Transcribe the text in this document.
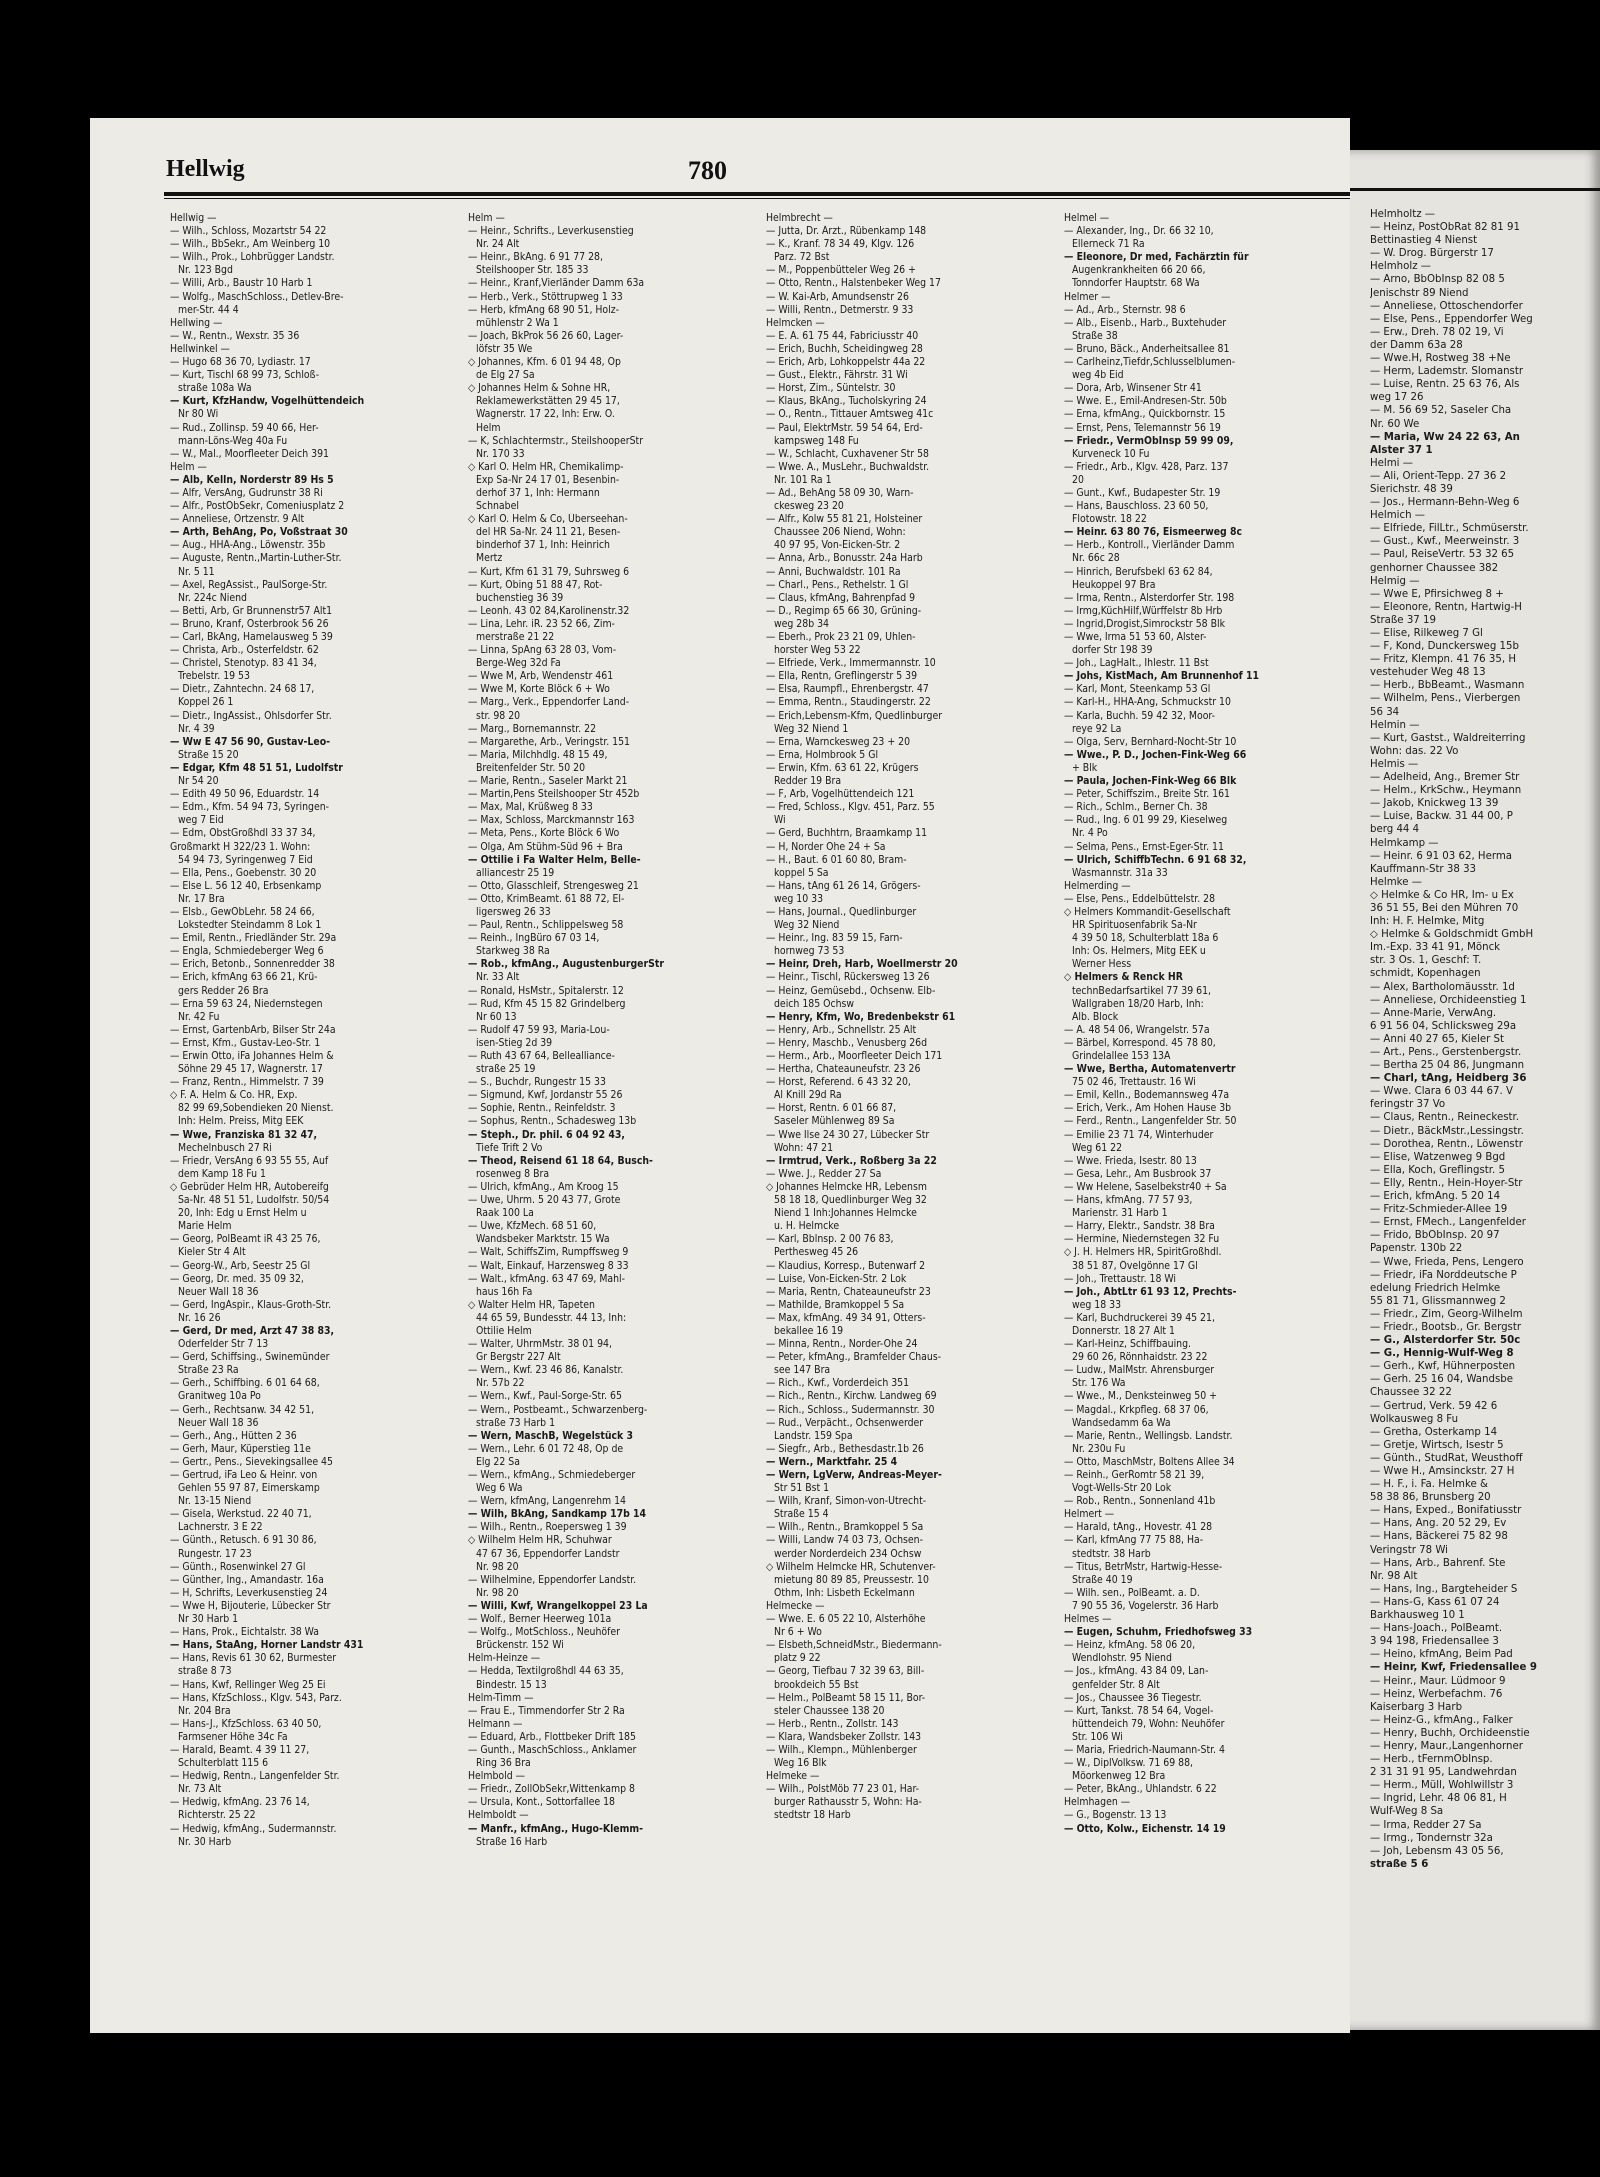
Helmholtz —
— Heinz, PostObRat 82 81 91
Bettinastieg 4 Nienst
— W. Drog. Bürgerstr 17
Helmholz —
— Arno, BbObInsp 82 08 5
Jenischstr 89 Niend
— Anneliese, Ottoschendorfer
— Else, Pens., Eppendorfer Weg
— Erw., Dreh. 78 02 19, Vi
der Damm 63a 28
— Wwe.H, Rostweg 38 +Ne
— Herm, Lademstr. Slomanstr
— Luise, Rentn. 25 63 76, Als
weg 17 26
— M. 56 69 52, Saseler Cha
Nr. 60 We
— Maria, Ww 24 22 63, An
Alster 37 1
Helmi —
— Ali, Orient-Tepp. 27 36 2
Sierichstr. 48 39
— Jos., Hermann-Behn-Weg 6
Helmich —
— Elfriede, FilLtr., Schmüserstr.
— Gust., Kwf., Meerweinstr. 3
— Paul, ReiseVertr. 53 32 65
genhorner Chaussee 382
Helmig —
— Wwe E, Pfirsichweg 8 +
— Eleonore, Rentn, Hartwig-H
Straße 37 19
— Elise, Rilkeweg 7 Gl
— F, Kond, Dunckersweg 15b
— Fritz, Klempn. 41 76 35, H
vestehuder Weg 48 13
— Herb., BbBeamt., Wasmann
— Wilhelm, Pens., Vierbergen
56 34
Helmin —
— Kurt, Gastst., Waldreiterring
Wohn: das. 22 Vo
Helmis —
— Adelheid, Ang., Bremer Str
— Helm., KrkSchw., Heymann
— Jakob, Knickweg 13 39
— Luise, Backw. 31 44 00, P
berg 44 4
Helmkamp —
— Heinr. 6 91 03 62, Herma
Kauffmann-Str 38 33
Helmke —
◇ Helmke & Co HR, Im- u Ex
36 51 55, Bei den Mühren 70
Inh: H. F. Helmke, Mitg
◇ Helmke & Goldschmidt GmbH
Im.-Exp. 33 41 91, Mönck
str. 3 Os. 1, Geschf: T.
schmidt, Kopenhagen
— Alex, Bartholomäusstr. 1d
— Anneliese, Orchideenstieg 1
— Anne-Marie, VerwAng.
6 91 56 04, Schlicksweg 29a
— Anni 40 27 65, Kieler St
— Art., Pens., Gerstenbergstr.
— Bertha 25 04 86, Jungmann
— Charl, tAng, Heidberg 36
— Wwe. Clara 6 03 44 67. V
feringstr 37 Vo
— Claus, Rentn., Reineckestr.
— Dietr., BäckMstr.,Lessingstr.
— Dorothea, Rentn., Löwenstr
— Elise, Watzenweg 9 Bgd
— Ella, Koch, Greflingstr. 5
— Elly, Rentn., Hein-Hoyer-Str
— Erich, kfmAng. 5 20 14
— Fritz-Schmieder-Allee 19
— Ernst, FMech., Langenfelder
— Frido, BbObInsp. 20 97
Papenstr. 130b 22
— Wwe, Frieda, Pens, Lengero
— Friedr, iFa Norddeutsche P
edelung Friedrich Helmke
55 81 71, Glissmannweg 2
— Friedr., Zim, Georg-Wilhelm
— Friedr., Bootsb., Gr. Bergstr
— G., Alsterdorfer Str. 50c
— G., Hennig-Wulf-Weg 8
— Gerh., Kwf, Hühnerposten
— Gerh. 25 16 04, Wandsbe
Chaussee 32 22
— Gertrud, Verk. 59 42 6
Wolkausweg 8 Fu
— Gretha, Osterkamp 14
— Gretje, Wirtsch, Isestr 5
— Günth., StudRat, Weusthoff
— Wwe H., Amsinckstr. 27 H
— H. F., i. Fa. Helmke &
58 38 86, Brunsberg 20
— Hans, Exped., Bonifatiusstr
— Hans, Ang. 20 52 29, Ev
— Hans, Bäckerei 75 82 98
Veringstr 78 Wi
— Hans, Arb., Bahrenf. Ste
Nr. 98 Alt
— Hans, Ing., Bargteheider S
— Hans-G, Kass 61 07 24
Barkhausweg 10 1
— Hans-Joach., PolBeamt.
3 94 198, Friedensallee 3
— Heino, kfmAng, Beim Pad
— Heinr, Kwf, Friedensallee 9
— Heinr., Maur. Lüdmoor 9
— Heinz, Werbefachm. 76
Kaiserbarg 3 Harb
— Heinz-G., kfmAng., Falker
— Henry, Buchh, Orchideenstie
— Henry, Maur.,Langenhorner
— Herb., tFernmObInsp.
2 31 31 91 95, Landwehrdan
— Herm., Müll, Wohlwillstr 3
— Ingrid, Lehr. 48 06 81, H
Wulf-Weg 8 Sa
— Irma, Redder 27 Sa
— Irmg., Tondernstr 32a
— Joh, Lebensm 43 05 56,
straße 5 6
Hellwig	780
Hellwig —
— Wilh., Schloss, Mozartstr 54 22
— Wilh., BbSekr., Am Weinberg 10
— Wilh., Prok., Lohbrügger Landstr.
Nr. 123 Bgd
— Willi, Arb., Baustr 10 Harb 1
— Wolfg., MaschSchloss., Detlev-Bre-
mer-Str. 44 4
Hellwing —
— W., Rentn., Wexstr. 35 36
Hellwinkel —
— Hugo 68 36 70, Lydiastr. 17
— Kurt, Tischl 68 99 73, Schloß-
straße 108a Wa
— Kurt, KfzHandw, Vogelhüttendeich
Nr 80 Wi
— Rud., Zollinsp. 59 40 66, Her-
mann-Löns-Weg 40a Fu
— W., Mal., Moorfleeter Deich 391
Helm —
— Alb, Kelln, Norderstr 89 Hs 5
— Alfr, VersAng, Gudrunstr 38 Ri
— Alfr., PostObSekr, Comeniusplatz 2
— Anneliese, Ortzenstr. 9 Alt
— Arth, BehAng, Po, Voßstraat 30
— Aug., HHA-Ang., Löwenstr. 35b
— Auguste, Rentn.,Martin-Luther-Str.
Nr. 5 11
— Axel, RegAssist., PaulSorge-Str.
Nr. 224c Niend
— Betti, Arb, Gr Brunnenstr57 Alt1
— Bruno, Kranf, Osterbrook 56 26
— Carl, BkAng, Hamelausweg 5 39
— Christa, Arb., Osterfeldstr. 62
— Christel, Stenotyp. 83 41 34,
Trebelstr. 19 53
— Dietr., Zahntechn. 24 68 17,
Koppel 26 1
— Dietr., IngAssist., Ohlsdorfer Str.
Nr. 4 39
— Ww E 47 56 90, Gustav-Leo-
Straße 15 20
— Edgar, Kfm 48 51 51, Ludolfstr
Nr 54 20
— Edith 49 50 96, Eduardstr. 14
— Edm., Kfm. 54 94 73, Syringen-
weg 7 Eid
— Edm, ObstGroßhdl 33 37 34,
Großmarkt H 322/23 1. Wohn:
54 94 73, Syringenweg 7 Eid
— Ella, Pens., Goebenstr. 30 20
— Else L. 56 12 40, Erbsenkamp
Nr. 17 Bra
— Elsb., GewObLehr. 58 24 66,
Lokstedter Steindamm 8 Lok 1
— Emil, Rentn., Friedländer Str. 29a
— Engla, Schmiedeberger Weg 6
— Erich, Betonb., Sonnenredder 38
— Erich, kfmAng 63 66 21, Krü-
gers Redder 26 Bra
— Erna 59 63 24, Niedernstegen
Nr. 42 Fu
— Ernst, GartenbArb, Bilser Str 24a
— Ernst, Kfm., Gustav-Leo-Str. 1
— Erwin Otto, iFa Johannes Helm &
Söhne 29 45 17, Wagnerstr. 17
— Franz, Rentn., Himmelstr. 7 39
◇ F. A. Helm & Co. HR, Exp.
82 99 69,Sobendieken 20 Nienst.
Inh: Helm. Preiss, Mitg EEK
— Wwe, Franziska 81 32 47,
Mechelnbusch 27 Ri
— Friedr, VersAng 6 93 55 55, Auf
dem Kamp 18 Fu 1
◇ Gebrüder Helm HR, Autobereifg
Sa-Nr. 48 51 51, Ludolfstr. 50/54
20, Inh: Edg u Ernst Helm u
Marie Helm
— Georg, PolBeamt iR 43 25 76,
Kieler Str 4 Alt
— Georg-W., Arb, Seestr 25 Gl
— Georg, Dr. med. 35 09 32,
Neuer Wall 18 36
— Gerd, IngAspir., Klaus-Groth-Str.
Nr. 16 26
— Gerd, Dr med, Arzt 47 38 83,
Oderfelder Str 7 13
— Gerd, Schiffsing., Swinemünder
Straße 23 Ra
— Gerh., Schiffbing. 6 01 64 68,
Granitweg 10a Po
— Gerh., Rechtsanw. 34 42 51,
Neuer Wall 18 36
— Gerh., Ang., Hütten 2 36
— Gerh, Maur, Küperstieg 11e
— Gertr., Pens., Sievekingsallee 45
— Gertrud, iFa Leo & Heinr. von
Gehlen 55 97 87, Eimerskamp
Nr. 13-15 Niend
— Gisela, Werkstud. 22 40 71,
Lachnerstr. 3 E 22
— Günth., Retusch. 6 91 30 86,
Rungestr. 17 23
— Günth., Rosenwinkel 27 Gl
— Günther, Ing., Amandastr. 16a
— H, Schrifts, Leverkusenstieg 24
— Wwe H, Bijouterie, Lübecker Str
Nr 30 Harb 1
— Hans, Prok., Eichtalstr. 38 Wa
— Hans, StaAng, Horner Landstr 431
— Hans, Revis 61 30 62, Burmester
straße 8 73
— Hans, Kwf, Rellinger Weg 25 Ei
— Hans, KfzSchloss., Klgv. 543, Parz.
Nr. 204 Bra
— Hans-J., KfzSchloss. 63 40 50,
Farmsener Höhe 34c Fa
— Harald, Beamt. 4 39 11 27,
Schulterblatt 115 6
— Hedwig, Rentn., Langenfelder Str.
Nr. 73 Alt
— Hedwig, kfmAng. 23 76 14,
Richterstr. 25 22
— Hedwig, kfmAng., Sudermannstr.
Nr. 30 Harb
Helm —
— Heinr., Schrifts., Leverkusenstieg
Nr. 24 Alt
— Heinr., BkAng. 6 91 77 28,
Steilshooper Str. 185 33
— Heinr., Kranf,Vierländer Damm 63a
— Herb., Verk., Stöttrupweg 1 33
— Herb, kfmAng 68 90 51, Holz-
mühlenstr 2 Wa 1
— Joach, BkProk 56 26 60, Lager-
löfstr 35 We
◇ Johannes, Kfm. 6 01 94 48, Op
de Elg 27 Sa
◇ Johannes Helm & Sohne HR,
Reklamewerkstätten 29 45 17,
Wagnerstr. 17 22, Inh: Erw. O.
Helm
— K, Schlachtermstr., SteilshooperStr
Nr. 170 33
◇ Karl O. Helm HR, Chemikalimp-
Exp Sa-Nr 24 17 01, Besenbin-
derhof 37 1, Inh: Hermann
Schnabel
◇ Karl O. Helm & Co, Überseehan-
del HR Sa-Nr. 24 11 21, Besen-
binderhof 37 1, Inh: Heinrich
Mertz
— Kurt, Kfm 61 31 79, Suhrsweg 6
— Kurt, Obing 51 88 47, Rot-
buchenstieg 36 39
— Leonh. 43 02 84,Karolinenstr.32
— Lina, Lehr. iR. 23 52 66, Zim-
merstraße 21 22
— Linna, SpAng 63 28 03, Vom-
Berge-Weg 32d Fa
— Wwe M, Arb, Wendenstr 461
— Wwe M, Korte Blöck 6 + Wo
— Marg., Verk., Eppendorfer Land-
str. 98 20
— Marg., Bornemannstr. 22
— Margarethe, Arb., Veringstr. 151
— Maria, Milchhdlg. 48 15 49,
Breitenfelder Str. 50 20
— Marie, Rentn., Saseler Markt 21
— Martin,Pens Steilshooper Str 452b
— Max, Mal, Krüßweg 8 33
— Max, Schloss, Marckmannstr 163
— Meta, Pens., Korte Blöck 6 Wo
— Olga, Am Stühm-Süd 96 + Bra
— Ottilie i Fa Walter Helm, Belle-
alliancestr 25 19
— Otto, Glasschleif, Strengesweg 21
— Otto, KrimBeamt. 61 88 72, El-
ligersweg 26 33
— Paul, Rentn., Schlippelsweg 58
— Reinh., IngBüro 67 03 14,
Starkweg 38 Ra
— Rob., kfmAng., AugustenburgerStr
Nr. 33 Alt
— Ronald, HsMstr., Spitalerstr. 12
— Rud, Kfm 45 15 82 Grindelberg
Nr 60 13
— Rudolf 47 59 93, Maria-Lou-
isen-Stieg 2d 39
— Ruth 43 67 64, Bellealliance-
straße 25 19
— S., Buchdr, Rungestr 15 33
— Sigmund, Kwf, Jordanstr 55 26
— Sophie, Rentn., Reinfeldstr. 3
— Sophus, Rentn., Schadesweg 13b
— Steph., Dr. phil. 6 04 92 43,
Tiefe Trift 2 Vo
— Theod, Reisend 61 18 64, Busch-
rosenweg 8 Bra
— Ulrich, kfmAng., Am Kroog 15
— Uwe, Uhrm. 5 20 43 77, Grote
Raak 100 La
— Uwe, KfzMech. 68 51 60,
Wandsbeker Marktstr. 15 Wa
— Walt, SchiffsZim, Rumpffsweg 9
— Walt, Einkauf, Harzensweg 8 33
— Walt., kfmAng. 63 47 69, Mahl-
haus 16h Fa
◇ Walter Helm HR, Tapeten
44 65 59, Bundesstr. 44 13, Inh:
Ottilie Helm
— Walter, UhrmMstr. 38 01 94,
Gr Bergstr 227 Alt
— Wern., Kwf. 23 46 86, Kanalstr.
Nr. 57b 22
— Wern., Kwf., Paul-Sorge-Str. 65
— Wern., Postbeamt., Schwarzenberg-
straße 73 Harb 1
— Wern, MaschB, Wegelstück 3
— Wern., Lehr. 6 01 72 48, Op de
Elg 22 Sa
— Wern., kfmAng., Schmiedeberger
Weg 6 Wa
— Wern, kfmAng, Langenrehm 14
— Wilh, BkAng, Sandkamp 17b 14
— Wilh., Rentn., Roepersweg 1 39
◇ Wilhelm Helm HR, Schuhwar
47 67 36, Eppendorfer Landstr
Nr. 98 20
— Wilhelmine, Eppendorfer Landstr.
Nr. 98 20
— Willi, Kwf, Wrangelkoppel 23 La
— Wolf., Berner Heerweg 101a
— Wolfg., MotSchloss., Neuhöfer
Brückenstr. 152 Wi
Helm-Heinze —
— Hedda, Textilgroßhdl 44 63 35,
Bindestr. 15 13
Helm-Timm —
— Frau E., Timmendorfer Str 2 Ra
Helmann —
— Eduard, Arb., Flottbeker Drift 185
— Gunth., MaschSchloss., Anklamer
Ring 36 Bra
Helmbold —
— Friedr., ZollObSekr,Wittenkamp 8
— Ursula, Kont., Sottorfallee 18
Helmboldt —
— Manfr., kfmAng., Hugo-Klemm-
Straße 16 Harb
Helmbrecht —
— Jutta, Dr. Ärzt., Rübenkamp 148
— K., Kranf. 78 34 49, Klgv. 126
Parz. 72 Bst
— M., Poppenbütteler Weg 26 +
— Otto, Rentn., Halstenbeker Weg 17
— W. Kai-Arb, Amundsenstr 26
— Willi, Rentn., Detmerstr. 9 33
Helmcken —
— E. A. 61 75 44, Fabriciusstr 40
— Erich, Buchh, Scheidingweg 28
— Erich, Arb, Lohkoppelstr 44a 22
— Gust., Elektr., Fährstr. 31 Wi
— Horst, Zim., Süntelstr. 30
— Klaus, BkAng., Tucholskyring 24
— O., Rentn., Tittauer Amtsweg 41c
— Paul, ElektrMstr. 59 54 64, Erd-
kampsweg 148 Fu
— W., Schlacht, Cuxhavener Str 58
— Wwe. A., MusLehr., Buchwaldstr.
Nr. 101 Ra 1
— Ad., BehAng 58 09 30, Warn-
ckesweg 23 20
— Alfr., Kolw 55 81 21, Holsteiner
Chaussee 206 Niend, Wohn:
40 97 95, Von-Eicken-Str. 2
— Anna, Arb., Bonusstr. 24a Harb
— Anni, Buchwaldstr. 101 Ra
— Charl., Pens., Rethelstr. 1 Gl
— Claus, kfmAng, Bahrenpfad 9
— D., Regimp 65 66 30, Grüning-
weg 28b 34
— Eberh., Prok 23 21 09, Uhlen-
horster Weg 53 22
— Elfriede, Verk., Immermannstr. 10
— Ella, Rentn, Greflingerstr 5 39
— Elsa, Raumpfl., Ehrenbergstr. 47
— Emma, Rentn., Staudingerstr. 22
— Erich,Lebensm-Kfm, Quedlinburger
Weg 32 Niend 1
— Erna, Warnckesweg 23 + 20
— Erna, Holmbrook 5 Gl
— Erwin, Kfm. 63 61 22, Krügers
Redder 19 Bra
— F, Arb, Vogelhüttendeich 121
— Fred, Schloss., Klgv. 451, Parz. 55
Wi
— Gerd, Buchhtrn, Braamkamp 11
— H, Norder Ohe 24 + Sa
— H., Baut. 6 01 60 80, Bram-
koppel 5 Sa
— Hans, tAng 61 26 14, Grögers-
weg 10 33
— Hans, Journal., Quedlinburger
Weg 32 Niend
— Heinr., Ing. 83 59 15, Farn-
hornweg 73 53
— Heinr, Dreh, Harb, Woellmerstr 20
— Heinr., Tischl, Rückersweg 13 26
— Heinz, Gemüsebd., Ochsenw. Elb-
deich 185 Ochsw
— Henry, Kfm, Wo, Bredenbekstr 61
— Henry, Arb., Schnellstr. 25 Alt
— Henry, Maschb., Venusberg 26d
— Herm., Arb., Moorfleeter Deich 171
— Hertha, Chateauneufstr. 23 26
— Horst, Referend. 6 43 32 20,
Al Knill 29d Ra
— Horst, Rentn. 6 01 66 87,
Saseler Mühlenweg 89 Sa
— Wwe Ilse 24 30 27, Lübecker Str
Wohn: 47 21
— Irmtrud, Verk., Roßberg 3a 22
— Wwe. J., Redder 27 Sa
◇ Johannes Helmcke HR, Lebensm
58 18 18, Quedlinburger Weg 32
Niend 1 Inh:Johannes Helmcke
u. H. Helmcke
— Karl, Bblnsp. 2 00 76 83,
Perthesweg 45 26
— Klaudius, Korresp., Butenwarf 2
— Luise, Von-Eicken-Str. 2 Lok
— Maria, Rentn, Chateauneufstr 23
— Mathilde, Bramkoppel 5 Sa
— Max, kfmAng. 49 34 91, Otters-
bekallee 16 19
— Minna, Rentn., Norder-Ohe 24
— Peter, kfmAng., Bramfelder Chaus-
see 147 Bra
— Rich., Kwf., Vorderdeich 351
— Rich., Rentn., Kirchw. Landweg 69
— Rich., Schloss., Sudermannstr. 30
— Rud., Verpächt., Ochsenwerder
Landstr. 159 Spa
— Siegfr., Arb., Bethesdastr.1b 26
— Wern., Marktfahr. 25 4
— Wern, LgVerw, Andreas-Meyer-
Str 51 Bst 1
— Wilh, Kranf, Simon-von-Utrecht-
Straße 15 4
— Wilh., Rentn., Bramkoppel 5 Sa
— Willi, Landw 74 03 73, Ochsen-
werder Norderdeich 234 Ochsw
◇ Wilhelm Helmcke HR, Schutenver-
mietung 80 89 85, Preussestr. 10
Othm, Inh: Lisbeth Eckelmann
Helmecke —
— Wwe. E. 6 05 22 10, Alsterhöhe
Nr 6 + Wo
— Elsbeth,SchneidMstr., Biedermann-
platz 9 22
— Georg, Tiefbau 7 32 39 63, Bill-
brookdeich 55 Bst
— Helm., PolBeamt 58 15 11, Bor-
steler Chaussee 138 20
— Herb., Rentn., Zollstr. 143
— Klara, Wandsbeker Zollstr. 143
— Wilh., Klempn., Mühlenberger
Weg 16 Blk
Helmeke —
— Wilh., PolstMöb 77 23 01, Har-
burger Rathausstr 5, Wohn: Ha-
stedtstr 18 Harb
Helmel —
— Alexander, Ing., Dr. 66 32 10,
Ellerneck 71 Ra
— Eleonore, Dr med, Fachärztin für
Augenkrankheiten 66 20 66,
Tonndorfer Hauptstr. 68 Wa
Helmer —
— Ad., Arb., Sternstr. 98 6
— Alb., Eisenb., Harb., Buxtehuder
Straße 38
— Bruno, Bäck., Anderheitsallee 81
— Carlheinz,Tiefdr,Schlusselblumen-
weg 4b Eid
— Dora, Arb, Winsener Str 41
— Wwe. E., Emil-Andresen-Str. 50b
— Erna, kfmAng., Quickbornstr. 15
— Ernst, Pens, Telemannstr 56 19
— Friedr., VermObInsp 59 99 09,
Kurveneck 10 Fu
— Friedr., Arb., Klgv. 428, Parz. 137
20
— Gunt., Kwf., Budapester Str. 19
— Hans, Bauschloss. 23 60 50,
Flotowstr. 18 22
— Heinr. 63 80 76, Eismeerweg 8c
— Herb., Kontroll., Vierländer Damm
Nr. 66c 28
— Hinrich, Berufsbekl 63 62 84,
Heukoppel 97 Bra
— Irma, Rentn., Alsterdorfer Str. 198
— Irmg,KüchHilf,Würffelstr 8b Hrb
— Ingrid,Drogist,Simrockstr 58 Blk
— Wwe, Irma 51 53 60, Alster-
dorfer Str 198 39
— Joh., LagHalt., Ihlestr. 11 Bst
— Johs, KistMach, Am Brunnenhof 11
— Karl, Mont, Steenkamp 53 Gl
— Karl-H., HHA-Ang, Schmuckstr 10
— Karla, Buchh. 59 42 32, Moor-
reye 92 La
— Olga, Serv, Bernhard-Nocht-Str 10
— Wwe., P. D., Jochen-Fink-Weg 66
+ Blk
— Paula, Jochen-Fink-Weg 66 Blk
— Peter, Schiffszim., Breite Str. 161
— Rich., Schlm., Berner Ch. 38
— Rud., Ing. 6 01 99 29, Kieselweg
Nr. 4 Po
— Selma, Pens., Ernst-Eger-Str. 11
— Ulrich, SchiffbTechn. 6 91 68 32,
Wasmannstr. 31a 33
Helmerding —
— Else, Pens., Eddelbüttelstr. 28
◇ Helmers Kommandit-Gesellschaft
HR Spirituosenfabrik Sa-Nr
4 39 50 18, Schulterblatt 18a 6
Inh: Os. Helmers, Mitg EEK u
Werner Hess
◇ Helmers & Renck HR
technBedarfsartikel 77 39 61,
Wallgraben 18/20 Harb, Inh:
Alb. Block
— A. 48 54 06, Wrangelstr. 57a
— Bärbel, Korrespond. 45 78 80,
Grindelallee 153 13A
— Wwe, Bertha, Automatenvertr
75 02 46, Trettaustr. 16 Wi
— Emil, Kelln., Bodemannsweg 47a
— Erich, Verk., Am Hohen Hause 3b
— Ferd., Rentn., Langenfelder Str. 50
— Emilie 23 71 74, Winterhuder
Weg 61 22
— Wwe. Frieda, Isestr. 80 13
— Gesa, Lehr., Am Busbrook 37
— Ww Helene, Saselbekstr40 + Sa
— Hans, kfmAng. 77 57 93,
Marienstr. 31 Harb 1
— Harry, Elektr., Sandstr. 38 Bra
— Hermine, Niedernstegen 32 Fu
◇ J. H. Helmers HR, SpiritGroßhdl.
38 51 87, Övelgönne 17 Gl
— Joh., Trettaustr. 18 Wi
— Joh., AbtLtr 61 93 12, Prechts-
weg 18 33
— Karl, Buchdruckerei 39 45 21,
Donnerstr. 18 27 Alt 1
— Karl-Heinz, Schiffbauing.
29 60 26, Rönnhaidstr. 23 22
— Ludw., MalMstr. Ahrensburger
Str. 176 Wa
— Wwe., M., Denksteinweg 50 +
— Magdal., Krkpfleg. 68 37 06,
Wandsedamm 6a Wa
— Marie, Rentn., Wellingsb. Landstr.
Nr. 230u Fu
— Otto, MaschMstr, Boltens Allee 34
— Reinh., GerRomtr 58 21 39,
Vogt-Wells-Str 20 Lok
— Rob., Rentn., Sonnenland 41b
Helmert —
— Harald, tAng., Hovestr. 41 28
— Karl, kfmAng 77 75 88, Ha-
stedtstr. 38 Harb
— Titus, BetrMstr, Hartwig-Hesse-
Straße 40 19
— Wilh. sen., PolBeamt. a. D.
7 90 55 36, Vogelerstr. 36 Harb
Helmes —
— Eugen, Schuhm, Friedhofsweg 33
— Heinz, kfmAng. 58 06 20,
Wendlohstr. 95 Niend
— Jos., kfmAng. 43 84 09, Lan-
genfelder Str. 8 Alt
— Jos., Chaussee 36 Tiegestr.
— Kurt, Tankst. 78 54 64, Vogel-
hüttendeich 79, Wohn: Neuhöfer
Str. 106 Wi
— Maria, Friedrich-Naumann-Str. 4
— W., DiplVolksw. 71 69 88,
Möorkenweg 12 Bra
— Peter, BkAng., Uhlandstr. 6 22
Helmhagen —
— G., Bogenstr. 13 13
— Otto, Kolw., Eichenstr. 14 19
